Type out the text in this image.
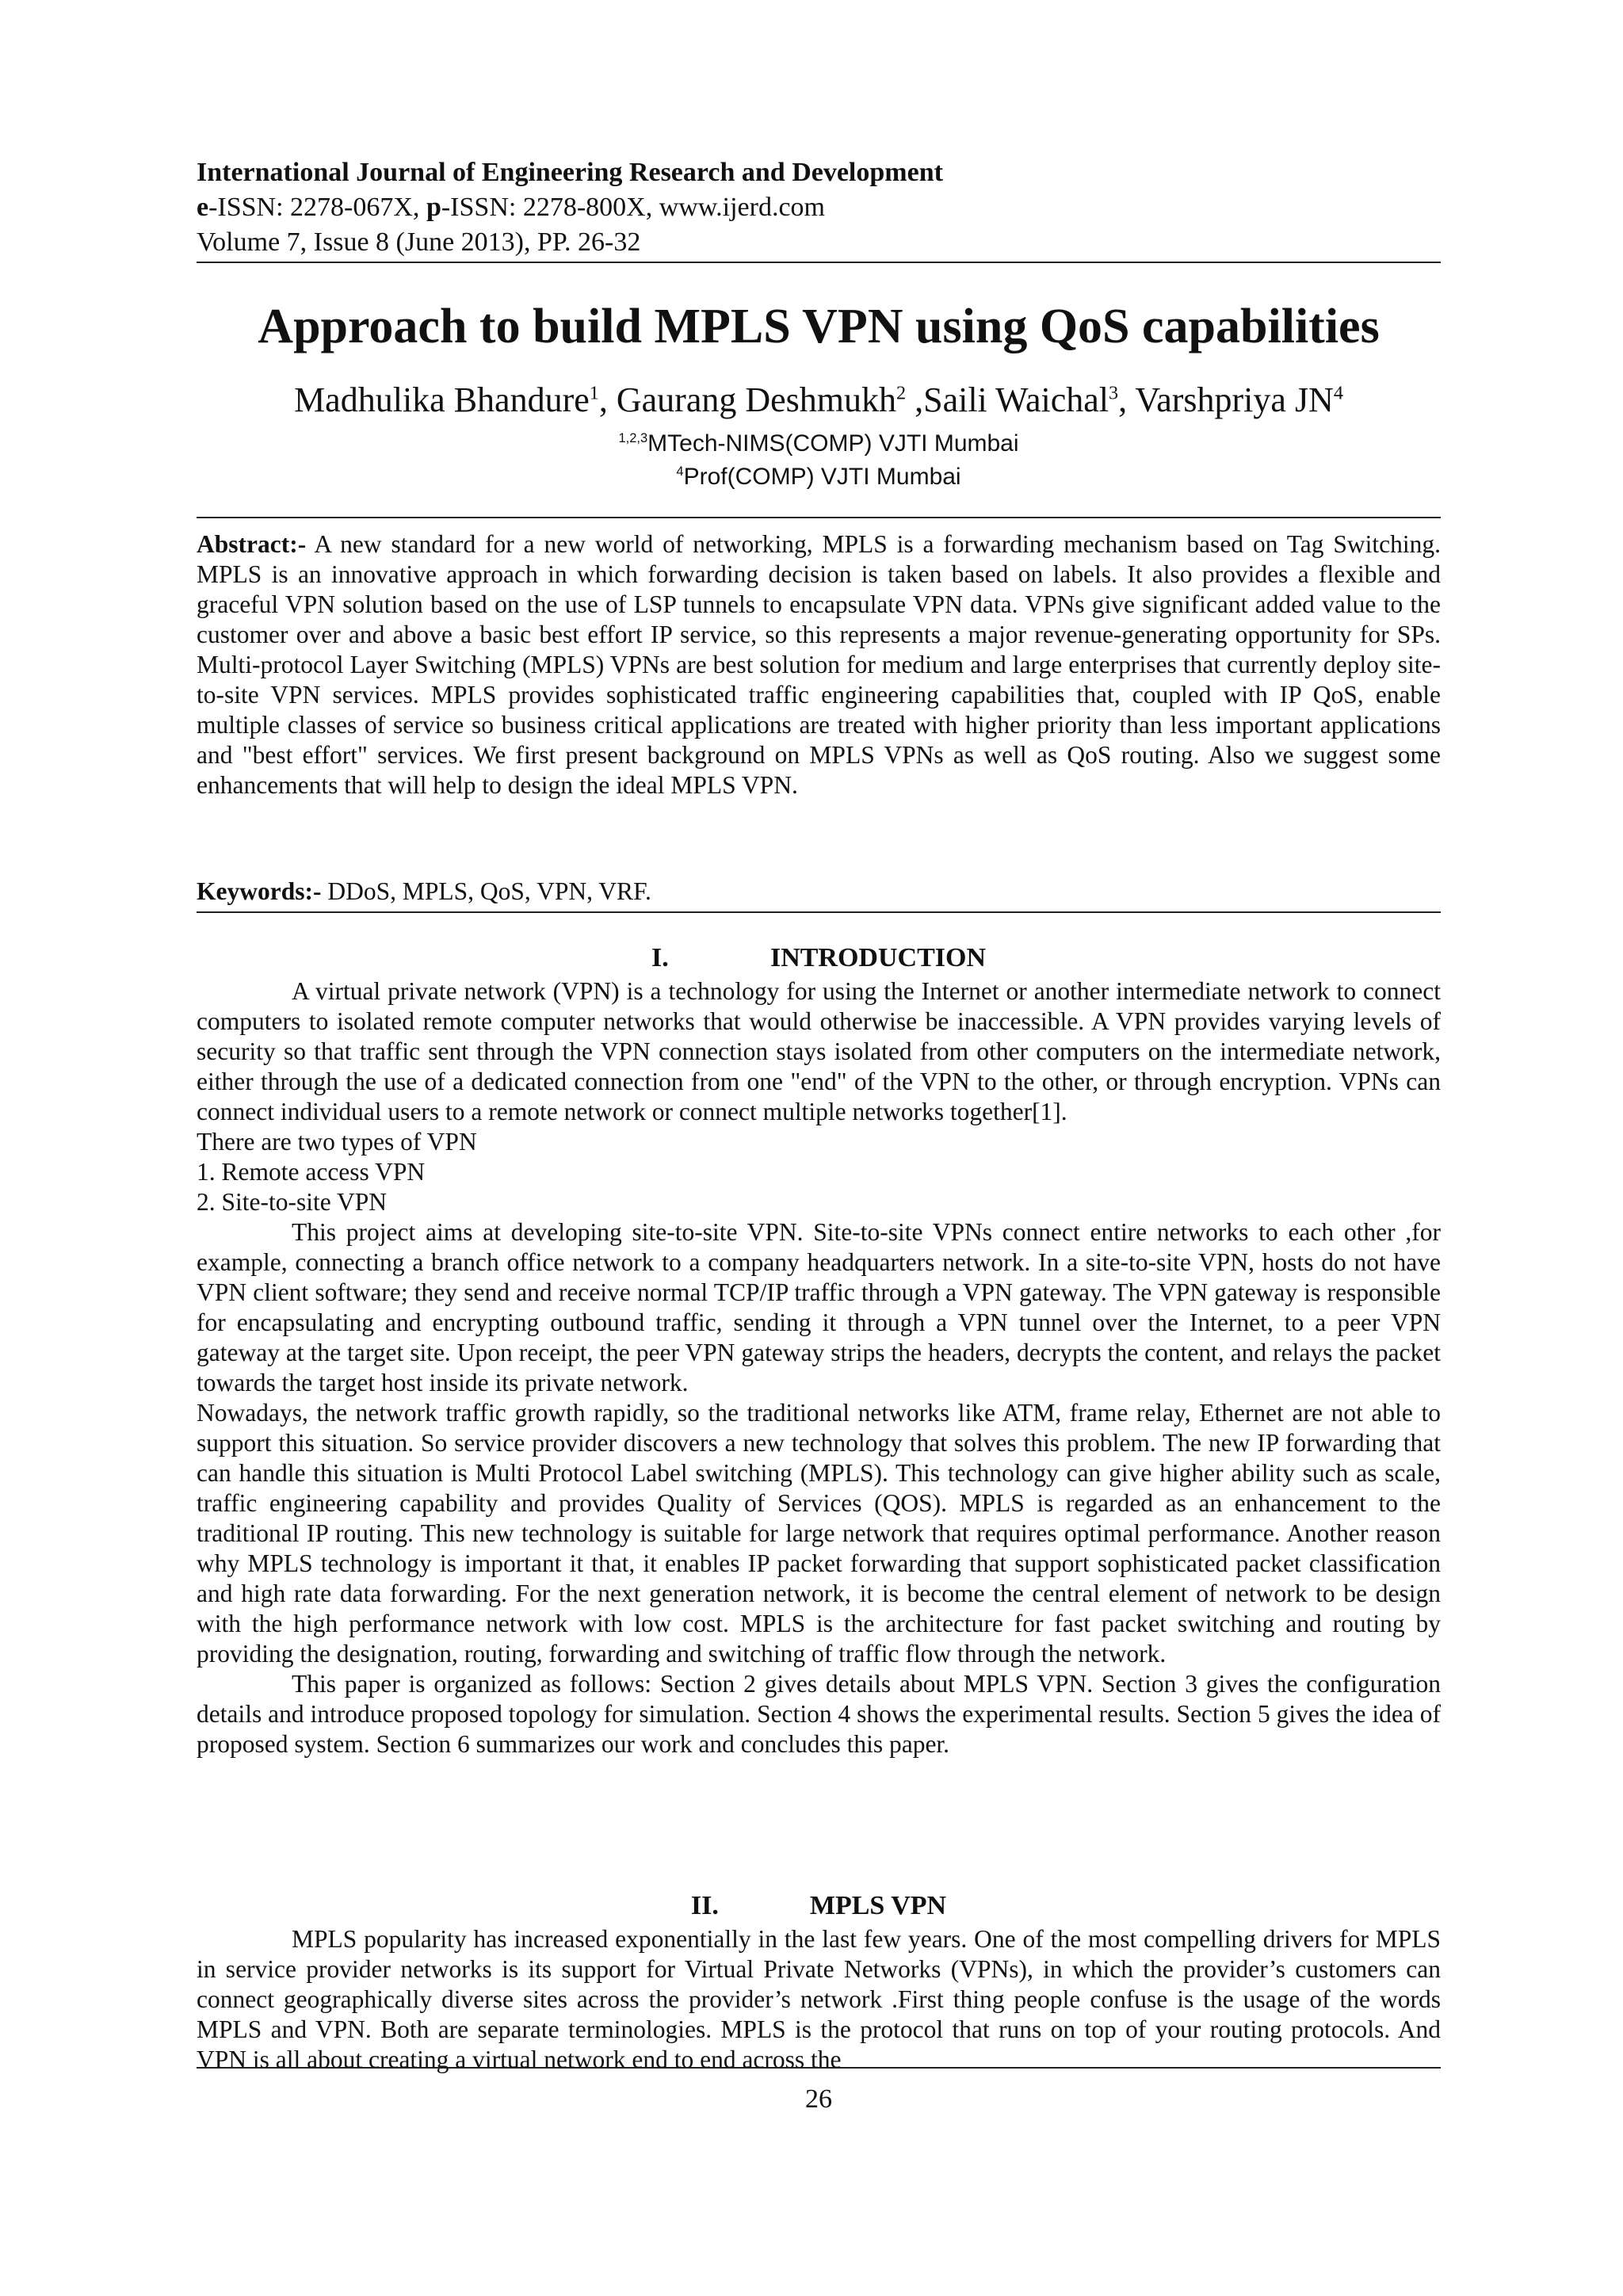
International Journal of Engineering Research and Development
e-ISSN: 2278-067X, p-ISSN: 2278-800X, www.ijerd.com
Volume 7, Issue 8 (June 2013), PP. 26-32
Approach to build MPLS VPN using QoS capabilities
Madhulika Bhandure$^1$, Gaurang Deshmukh$^2$ ,Saili Waichal$^3$, Varshpriya $JN^4$
$^{1,2,3}$MTech-NIMS(COMP) VJTI Mumbai
$^4$Prof(COMP) VJTI Mumbai
Abstract:- A new standard for a new world of networking, MPLS is a forwarding mechanism based on Tag Switching. MPLS is an innovative approach in which forwarding decision is taken based on labels. It also provides a flexible and graceful VPN solution based on the use of LSP tunnels to encapsulate VPN data. VPNs give significant added value to the customer over and above a basic best effort IP service, so this represents a major revenue-generating opportunity for SPs. Multi-protocol Layer Switching (MPLS) VPNs are best solution for medium and large enterprises that currently deploy site-to-site VPN services. MPLS provides sophisticated traffic engineering capabilities that, coupled with IP QoS, enable multiple classes of service so business critical applications are treated with higher priority than less important applications and "best effort" services. We first present background on MPLS VPNs as well as QoS routing. Also we suggest some enhancements that will help to design the ideal MPLS VPN.
Keywords:- DDoS, MPLS, QoS, VPN, VRF.
I.	INTRODUCTION

A virtual private network (VPN) is a technology for using the Internet or another intermediate network to connect computers to isolated remote computer networks that would otherwise be inaccessible. A VPN provides varying levels of security so that traffic sent through the VPN connection stays isolated from other computers on the intermediate network, either through the use of a dedicated connection from one "end" of the VPN to the other, or through encryption. VPNs can connect individual users to a remote network or connect multiple networks together[1].

There are two types of VPN

1. Remote access VPN

2. Site-to-site VPN

This project aims at developing site-to-site VPN. Site-to-site VPNs connect entire networks to each other ,for example, connecting a branch office network to a company headquarters network. In a site-to-site VPN, hosts do not have VPN client software; they send and receive normal TCP/IP traffic through a VPN gateway. The VPN gateway is responsible for encapsulating and encrypting outbound traffic, sending it through a VPN tunnel over the Internet, to a peer VPN gateway at the target site. Upon receipt, the peer VPN gateway strips the headers, decrypts the content, and relays the packet towards the target host inside its private network.

Nowadays, the network traffic growth rapidly, so the traditional networks like ATM, frame relay, Ethernet are not able to support this situation. So service provider discovers a new technology that solves this problem. The new IP forwarding that can handle this situation is Multi Protocol Label switching (MPLS). This technology can give higher ability such as scale, traffic engineering capability and provides Quality of Services (QOS). MPLS is regarded as an enhancement to the traditional IP routing. This new technology is suitable for large network that requires optimal performance. Another reason why MPLS technology is important it that, it enables IP packet forwarding that support sophisticated packet classification and high rate data forwarding. For the next generation network, it is become the central element of network to be design with the high performance network with low cost. MPLS is the architecture for fast packet switching and routing by providing the designation, routing, forwarding and switching of traffic flow through the network.

This paper is organized as follows: Section 2 gives details about MPLS VPN. Section 3 gives the configuration details and introduce proposed topology for simulation. Section 4 shows the experimental results. Section 5 gives the idea of proposed system. Section 6 summarizes our work and concludes this paper.

II.	MPLS VPN

MPLS popularity has increased exponentially in the last few years. One of the most compelling drivers for MPLS in service provider networks is its support for Virtual Private Networks (VPNs), in which the provider’s customers can connect geographically diverse sites across the provider’s network .First thing people confuse is the usage of the words MPLS and VPN. Both are separate terminologies. MPLS is the protocol that runs on top of your routing protocols. And VPN is all about creating a virtual network end to end across the

26
